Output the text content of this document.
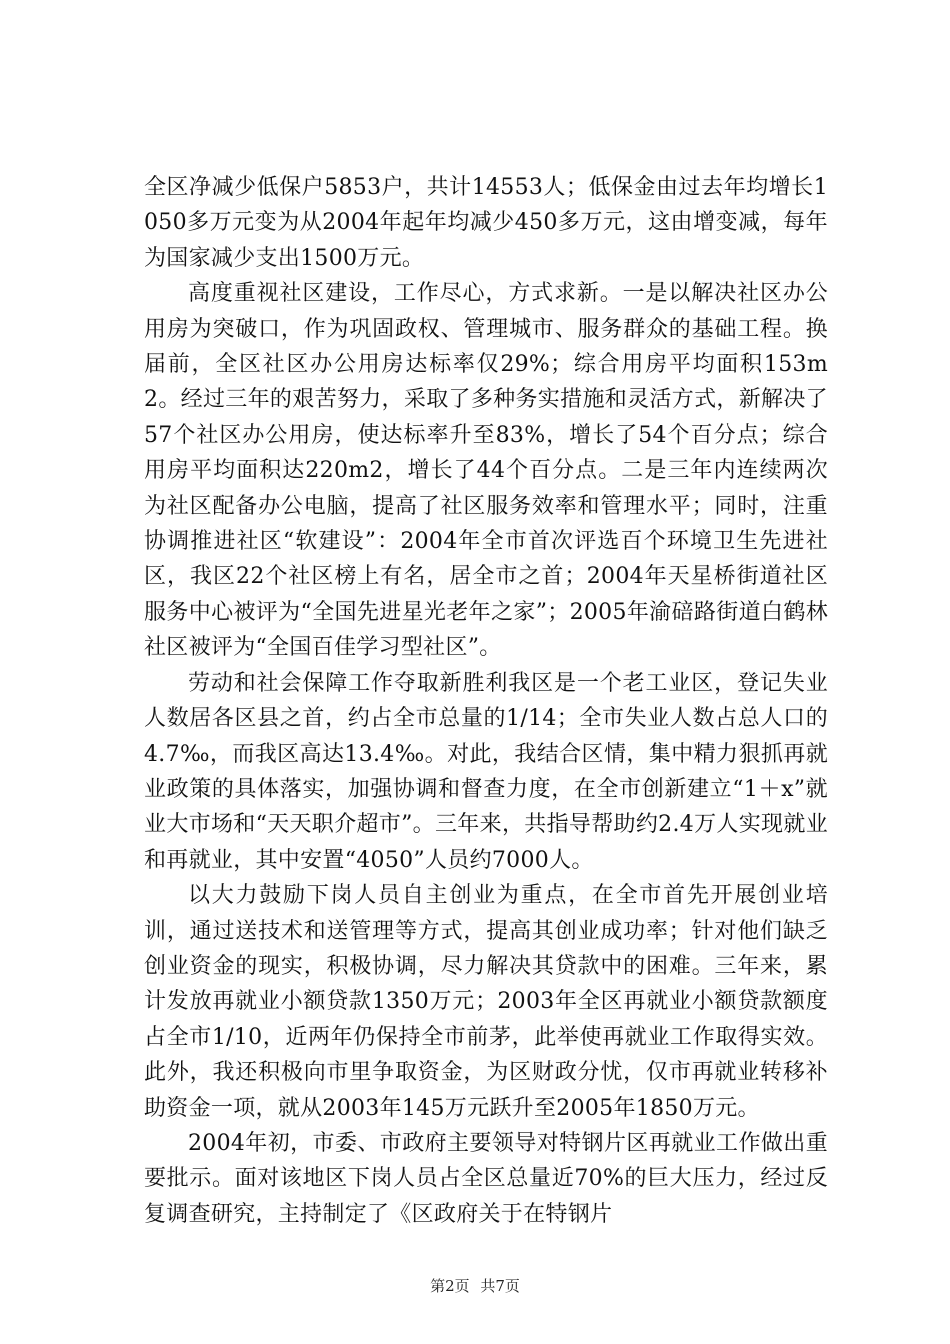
全区净减少低保户5853户，共计14553人；低保金由过去年均增长1050多万元变为从2004年起年均减少450多万元，这由增变减，每年为国家减少支出1500万元。

高度重视社区建设，工作尽心，方式求新。一是以解决社区办公用房为突破口，作为巩固政权、管理城市、服务群众的基础工程。换届前，全区社区办公用房达标率仅29%；综合用房平均面积153m2。经过三年的艰苦努力，采取了多种务实措施和灵活方式，新解决了57个社区办公用房，使达标率升至83%，增长了54个百分点；综合用房平均面积达220m2，增长了44个百分点。二是三年内连续两次为社区配备办公电脑，提高了社区服务效率和管理水平；同时，注重协调推进社区“软建设”：2004年全市首次评选百个环境卫生先进社区，我区22个社区榜上有名，居全市之首；2004年天星桥街道社区服务中心被评为“全国先进星光老年之家”；2005年渝碚路街道白鹤林社区被评为“全国百佳学习型社区”。

劳动和社会保障工作夺取新胜利我区是一个老工业区，登记失业人数居各区县之首，约占全市总量的1/14；全市失业人数占总人口的4.7‰，而我区高达13.4‰。对此，我结合区情，集中精力狠抓再就业政策的具体落实，加强协调和督查力度，在全市创新建立“1＋x”就业大市场和“天天职介超市”。三年来，共指导帮助约2.4万人实现就业和再就业，其中安置“4050”人员约7000人。

以大力鼓励下岗人员自主创业为重点，在全市首先开展创业培训，通过送技术和送管理等方式，提高其创业成功率；针对他们缺乏创业资金的现实，积极协调，尽力解决其贷款中的困难。三年来，累计发放再就业小额贷款1350万元；2003年全区再就业小额贷款额度占全市1/10，近两年仍保持全市前茅，此举使再就业工作取得实效。此外，我还积极向市里争取资金，为区财政分忧，仅市再就业转移补助资金一项，就从2003年145万元跃升至2005年1850万元。

2004年初，市委、市政府主要领导对特钢片区再就业工作做出重要批示。面对该地区下岗人员占全区总量近70%的巨大压力，经过反复调查研究，主持制定了《区政府关于在特钢片

第2页 共7页
